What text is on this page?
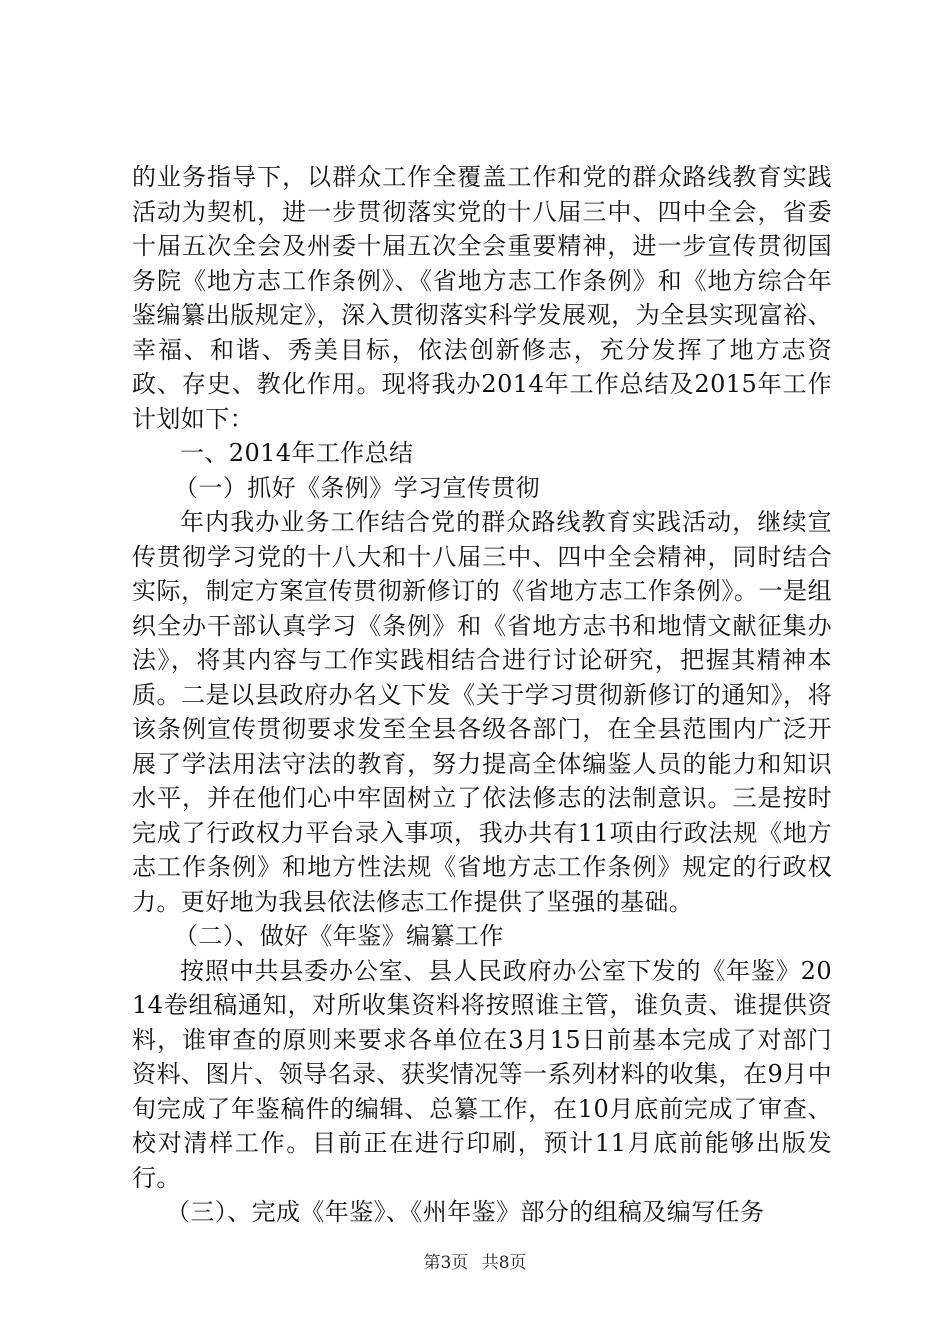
的业务指导下，以群众工作全覆盖工作和党的群众路线教育实践活动为契机，进一步贯彻落实党的十八届三中、四中全会，省委十届五次全会及州委十届五次全会重要精神，进一步宣传贯彻国务院《地方志工作条例》、《省地方志工作条例》和《地方综合年鉴编纂出版规定》，深入贯彻落实科学发展观，为全县实现富裕、幸福、和谐、秀美目标，依法创新修志，充分发挥了地方志资政、存史、教化作用。现将我办2014年工作总结及2015年工作计划如下：

一、2014年工作总结

（一）抓好《条例》学习宣传贯彻

年内我办业务工作结合党的群众路线教育实践活动，继续宣传贯彻学习党的十八大和十八届三中、四中全会精神，同时结合实际，制定方案宣传贯彻新修订的《省地方志工作条例》。一是组织全办干部认真学习《条例》和《省地方志书和地情文献征集办法》，将其内容与工作实践相结合进行讨论研究，把握其精神本质。二是以县政府办名义下发《关于学习贯彻新修订的通知》，将该条例宣传贯彻要求发至全县各级各部门，在全县范围内广泛开展了学法用法守法的教育，努力提高全体编鉴人员的能力和知识水平，并在他们心中牢固树立了依法修志的法制意识。三是按时完成了行政权力平台录入事项，我办共有11项由行政法规《地方志工作条例》和地方性法规《省地方志工作条例》规定的行政权力。更好地为我县依法修志工作提供了坚强的基础。

（二）、做好《年鉴》编纂工作

按照中共县委办公室、县人民政府办公室下发的《年鉴》2014卷组稿通知，对所收集资料将按照谁主管，谁负责、谁提供资料，谁审查的原则来要求各单位在3月15日前基本完成了对部门资料、图片、领导名录、获奖情况等一系列材料的收集，在9月中旬完成了年鉴稿件的编辑、总纂工作，在10月底前完成了审查、校对清样工作。目前正在进行印刷，预计11月底前能够出版发行。

（三）、完成《年鉴》、《州年鉴》部分的组稿及编写任务

第3页 共8页
